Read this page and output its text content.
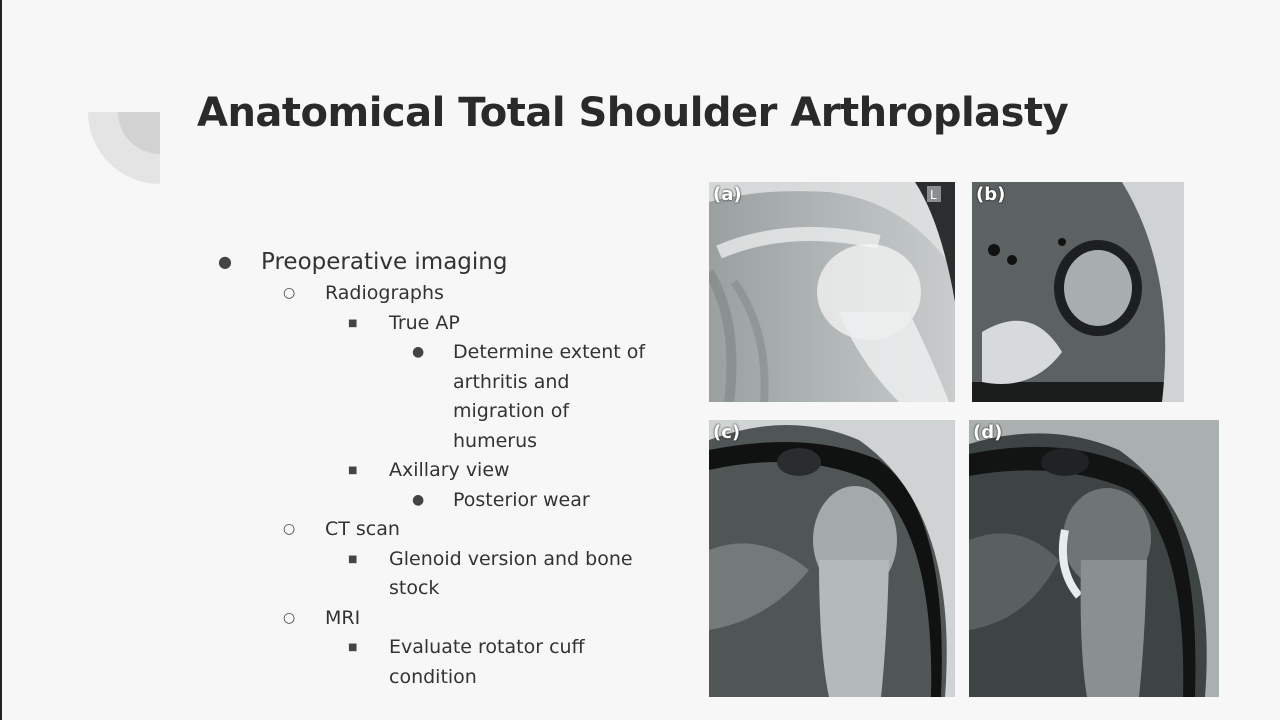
Anatomical Total Shoulder Arthroplasty
● Preoperative imaging
○ Radiographs
■ True AP
● Determine extent of arthritis and migration of humerus
■ Axillary view
● Posterior wear
○ CT scan
■ Glenoid version and bone stock
○ MRI
■ Evaluate rotator cuff condition
L
(a)	(b)
(c)	(d)
